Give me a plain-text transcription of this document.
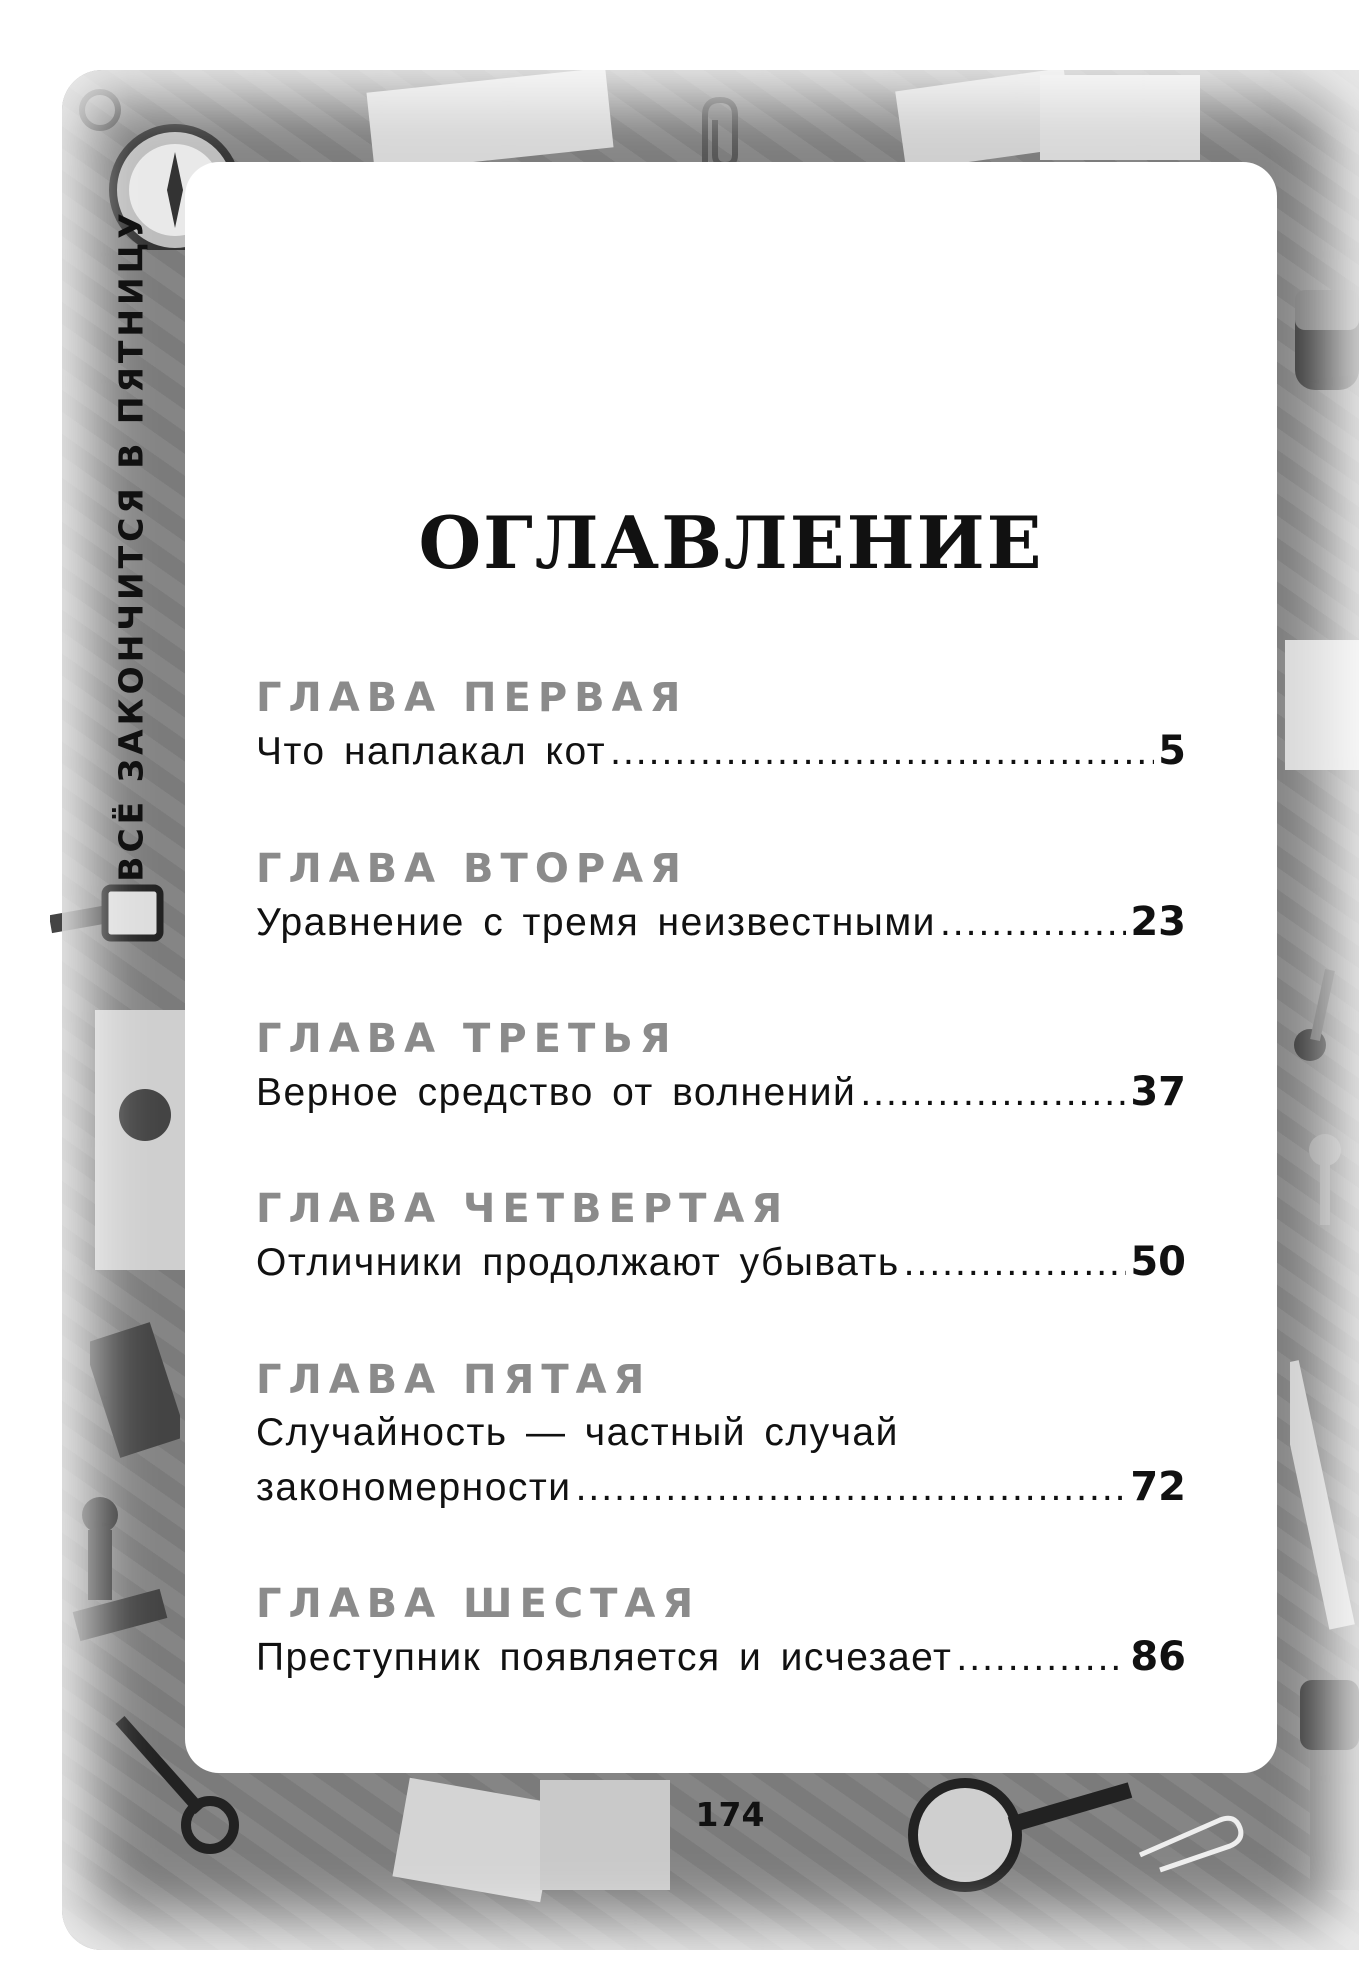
ВСЁ ЗАКОНЧИТСЯ В ПЯТНИЦУ	ОГЛАВЛЕНИЕ
ГЛАВА ПЕРВАЯ
Что наплакал кот .....	5
ГЛАВА ВТОРАЯ
Уравнение с тремя неизвестными .....	23
ГЛАВА ТРЕТЬЯ
Верное средство от волнений .....	37
ГЛАВА ЧЕТВЕРТАЯ
Отличники продолжают убывать .....	50
ГЛАВА ПЯТАЯ
Случайность — частный случай
закономерности .....	72
ГЛАВА ШЕСТАЯ
Преступник появляется и исчезает .....	86
174
